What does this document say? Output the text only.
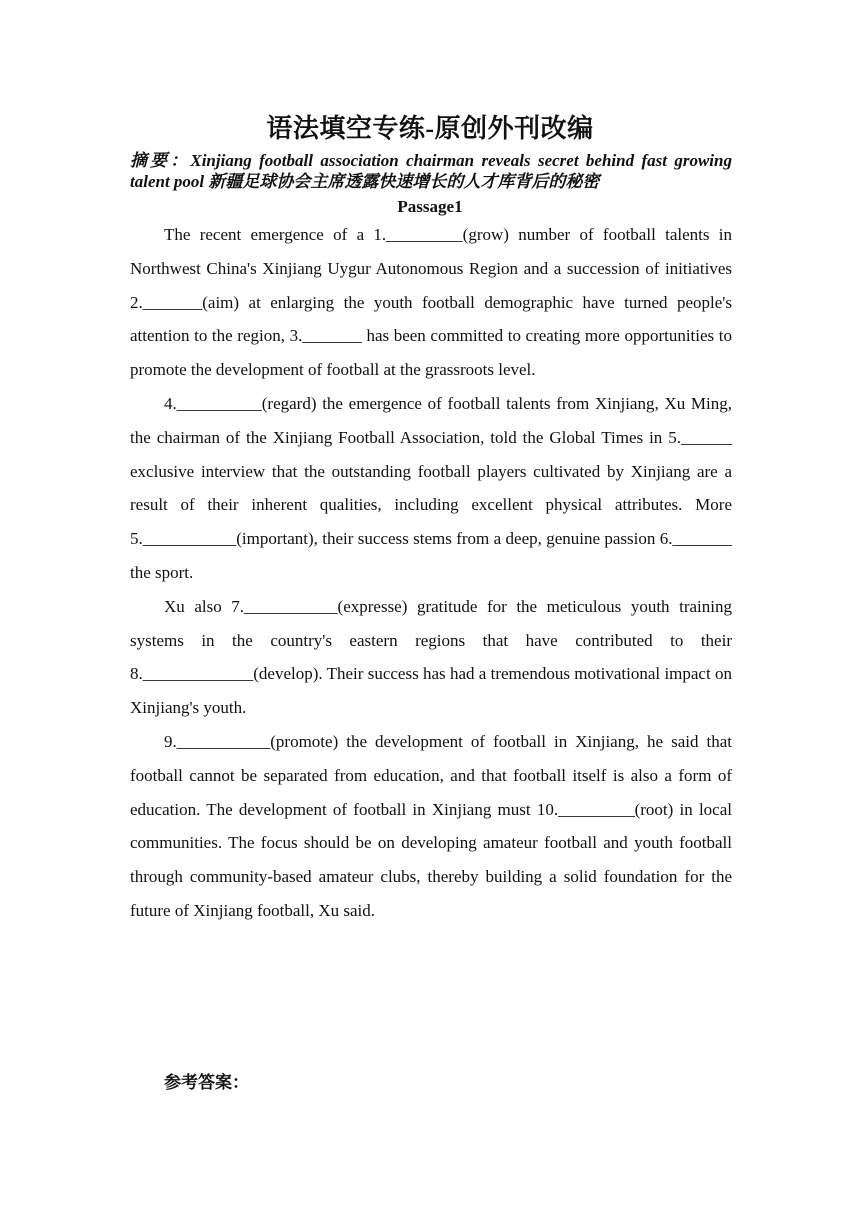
语法填空专练-原创外刊改编
摘要：Xinjiang football association chairman reveals secret behind fast growing talent pool 新疆足球协会主席透露快速增长的人才库背后的秘密
Passage1

The recent emergence of a 1._________(grow) number of football talents in Northwest China's Xinjiang Uygur Autonomous Region and a succession of initiatives 2._______(aim) at enlarging the youth football demographic have turned people's attention to the region, 3._______ has been committed to creating more opportunities to promote the development of football at the grassroots level.

4.__________(regard) the emergence of football talents from Xinjiang, Xu Ming, the chairman of the Xinjiang Football Association, told the Global Times in 5.______ exclusive interview that the outstanding football players cultivated by Xinjiang are a result of their inherent qualities, including excellent physical attributes. More 5.___________(important), their success stems from a deep, genuine passion 6._______ the sport.

Xu also 7.___________(expresse) gratitude for the meticulous youth training systems in the country's eastern regions that have contributed to their 8._____________(develop). Their success has had a tremendous motivational impact on Xinjiang's youth.

9.___________(promote) the development of football in Xinjiang, he said that football cannot be separated from education, and that football itself is also a form of education. The development of football in Xinjiang must 10._________(root) in local communities. The focus should be on developing amateur football and youth football through community-based amateur clubs, thereby building a solid foundation for the future of Xinjiang football, Xu said.

参考答案：
